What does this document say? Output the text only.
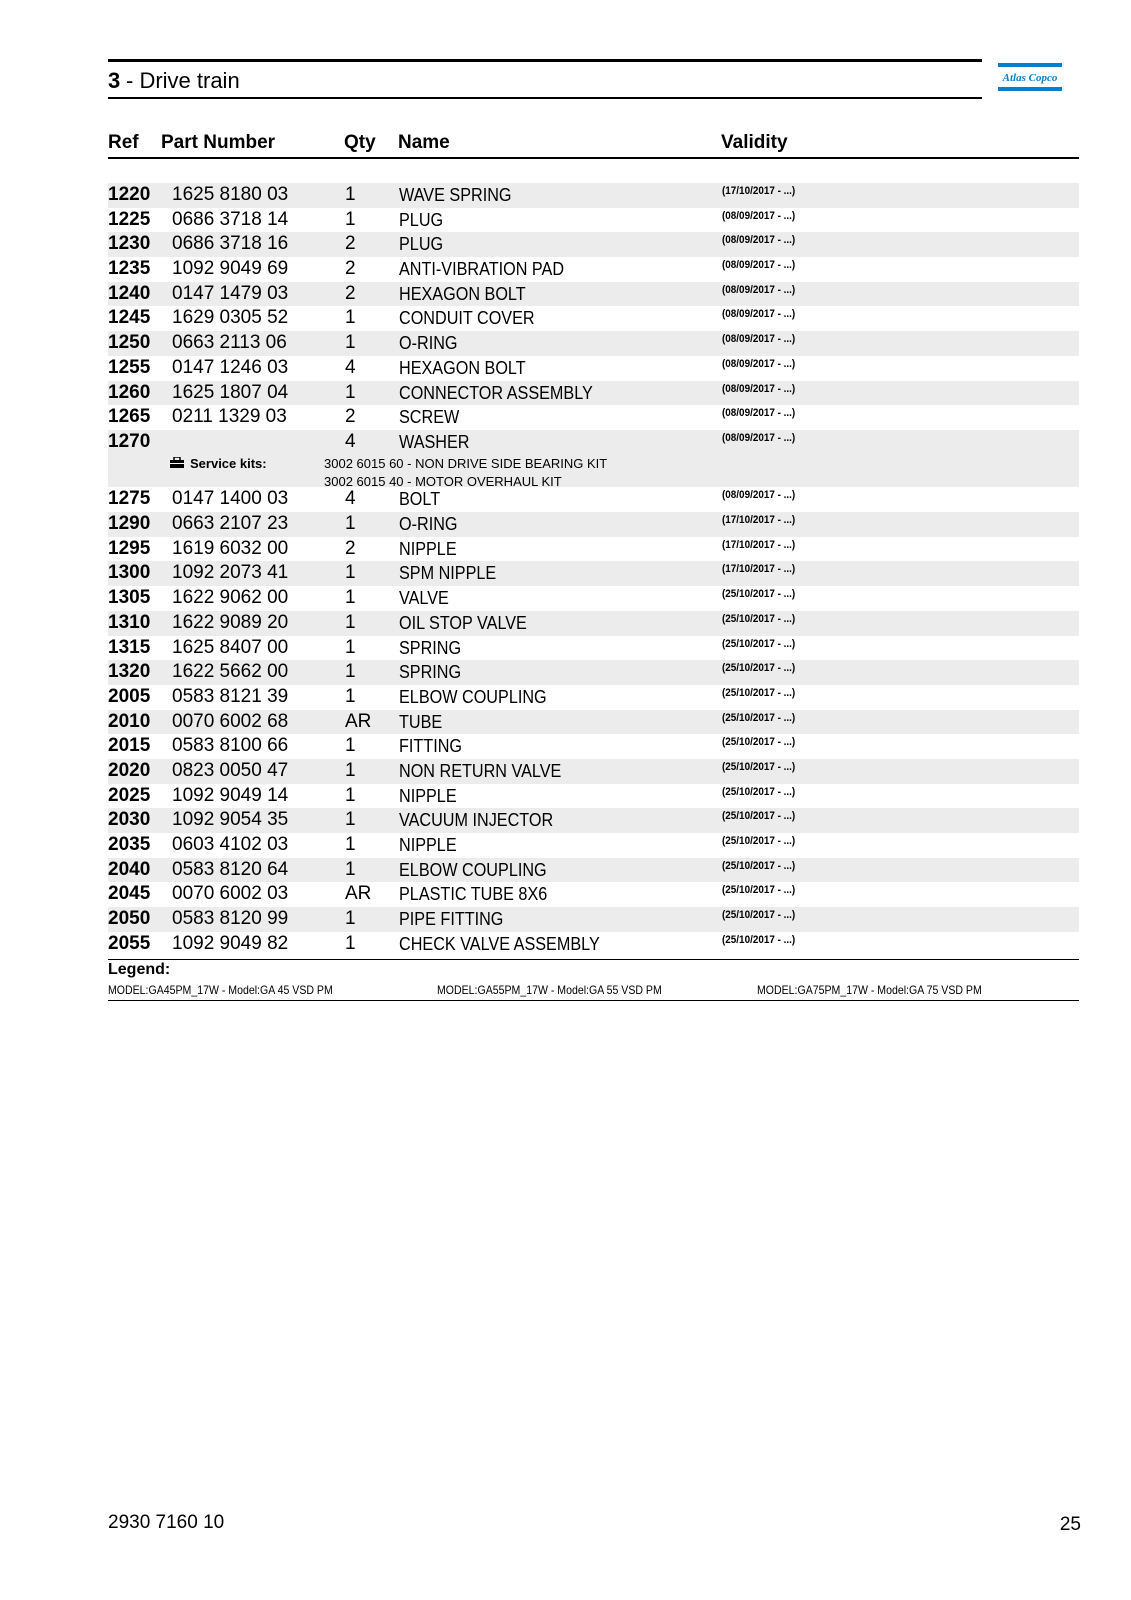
3 - Drive train	Atlas Copco
Ref Part Number	Qty Name	Validity
1220 1625 8180 03	1 WAVE SPRING	(17/10/2017 - ...)
1225 0686 3718 14	1 PLUG	(08/09/2017 - ...)
1230 0686 3718 16	2 PLUG	(08/09/2017 - ...)
1235 1092 9049 69	2 ANTI-VIBRATION PAD	(08/09/2017 - ...)
1240 0147 1479 03	2 HEXAGON BOLT	(08/09/2017 - ...)
1245 1629 0305 52	1 CONDUIT COVER	(08/09/2017 - ...)
1250 0663 2113 06	1 O-RING	(08/09/2017 - ...)
1255 0147 1246 03	4 HEXAGON BOLT	(08/09/2017 - ...)
1260 1625 1807 04	1 CONNECTOR ASSEMBLY	(08/09/2017 - ...)
1265 0211 1329 03	2 SCREW	(08/09/2017 - ...)
1270	4 WASHER	(08/09/2017 - ...)
Service kits:	3002 6015 60 - NON DRIVE SIDE BEARING KIT
3002 6015 40 - MOTOR OVERHAUL KIT
1275 0147 1400 03	4 BOLT	(08/09/2017 - ...)
1290 0663 2107 23	1 O-RING	(17/10/2017 - ...)
1295 1619 6032 00	2 NIPPLE	(17/10/2017 - ...)
1300 1092 2073 41	1 SPM NIPPLE	(17/10/2017 - ...)
1305 1622 9062 00	1 VALVE	(25/10/2017 - ...)
1310 1622 9089 20	1 OIL STOP VALVE	(25/10/2017 - ...)
1315 1625 8407 00	1 SPRING	(25/10/2017 - ...)
1320 1622 5662 00	1 SPRING	(25/10/2017 - ...)
2005 0583 8121 39	1 ELBOW COUPLING	(25/10/2017 - ...)
2010 0070 6002 68	AR TUBE	(25/10/2017 - ...)
2015 0583 8100 66	1 FITTING	(25/10/2017 - ...)
2020 0823 0050 47	1 NON RETURN VALVE	(25/10/2017 - ...)
2025 1092 9049 14	1 NIPPLE	(25/10/2017 - ...)
2030 1092 9054 35	1 VACUUM INJECTOR	(25/10/2017 - ...)
2035 0603 4102 03	1 NIPPLE	(25/10/2017 - ...)
2040 0583 8120 64	1 ELBOW COUPLING	(25/10/2017 - ...)
2045 0070 6002 03	AR PLASTIC TUBE 8X6	(25/10/2017 - ...)
2050 0583 8120 99	1 PIPE FITTING	(25/10/2017 - ...)
2055 1092 9049 82	1 CHECK VALVE ASSEMBLY	(25/10/2017 - ...)
Legend:
MODEL:GA45PM_17W - Model:GA 45 VSD PM	MODEL:GA55PM_17W - Model:GA 55 VSD PM	MODEL:GA75PM_17W - Model:GA 75 VSD PM
2930 7160 10	25
